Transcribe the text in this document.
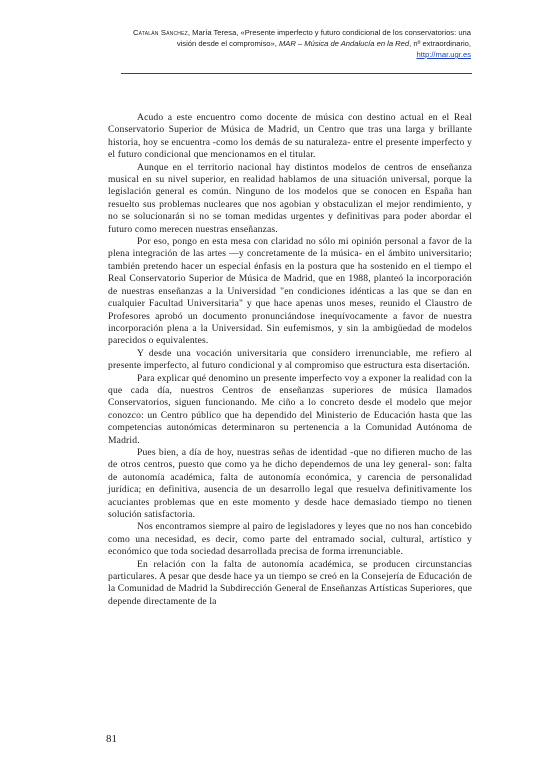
Catalán Sánchez, María Teresa, «Presente imperfecto y futuro condicional de los conservatorios: una visión desde el compromiso», MAR – Música de Andalucía en la Red, nº extraordinario, http://mar.ugr.es

Acudo a este encuentro como docente de música con destino actual en el Real Conservatorio Superior de Música de Madrid, un Centro que tras una larga y brillante historia, hoy se encuentra -como los demás de su naturaleza- entre el presente imperfecto y el futuro condicional que mencionamos en el titular.

Aunque en el territorio nacional hay distintos modelos de centros de enseñanza musical en su nivel superior, en realidad hablamos de una situación universal, porque la legislación general es común. Ninguno de los modelos que se conocen en España han resuelto sus problemas nucleares que nos agobian y obstaculizan el mejor rendimiento, y no se solucionarán si no se toman medidas urgentes y definitivas para poder abordar el futuro como merecen nuestras enseñanzas.

Por eso, pongo en esta mesa con claridad no sólo mi opinión personal a favor de la plena integración de las artes —y concretamente de la música- en el ámbito universitario; también pretendo hacer un especial énfasis en la postura que ha sostenido en el tiempo el Real Conservatorio Superior de Música de Madrid, que en 1988, planteó la incorporación de nuestras enseñanzas a la Universidad "en condiciones idénticas a las que se dan en cualquier Facultad Universitaria" y que hace apenas unos meses, reunido el Claustro de Profesores aprobó un documento pronunciándose inequívocamente a favor de nuestra incorporación plena a la Universidad. Sin eufemismos, y sin la ambigüedad de modelos parecidos o equivalentes.

Y desde una vocación universitaria que considero irrenunciable, me refiero al presente imperfecto, al futuro condicional y al compromiso que estructura esta disertación.

Para explicar qué denomino un presente imperfecto voy a exponer la realidad con la que cada día, nuestros Centros de enseñanzas superiores de música llamados Conservatorios, siguen funcionando. Me ciño a lo concreto desde el modelo que mejor conozco: un Centro público que ha dependido del Ministerio de Educación hasta que las competencias autonómicas determinaron su pertenencia a la Comunidad Autónoma de Madrid.

Pues bien, a día de hoy, nuestras señas de identidad -que no difieren mucho de las de otros centros, puesto que como ya he dicho dependemos de una ley general- son: falta de autonomía académica, falta de autonomía económica, y carencia de personalidad jurídica; en definitiva, ausencia de un desarrollo legal que resuelva definitivamente los acuciantes problemas que en este momento y desde hace demasiado tiempo no tienen solución satisfactoria.

Nos encontramos siempre al pairo de legisladores y leyes que no nos han concebido como una necesidad, es decir, como parte del entramado social, cultural, artístico y económico que toda sociedad desarrollada precisa de forma irrenunciable.

En relación con la falta de autonomía académica, se producen circunstancias particulares. A pesar que desde hace ya un tiempo se creó en la Consejería de Educación de la Comunidad de Madrid la Subdirección General de Enseñanzas Artísticas Superiores, que depende directamente de la

81
